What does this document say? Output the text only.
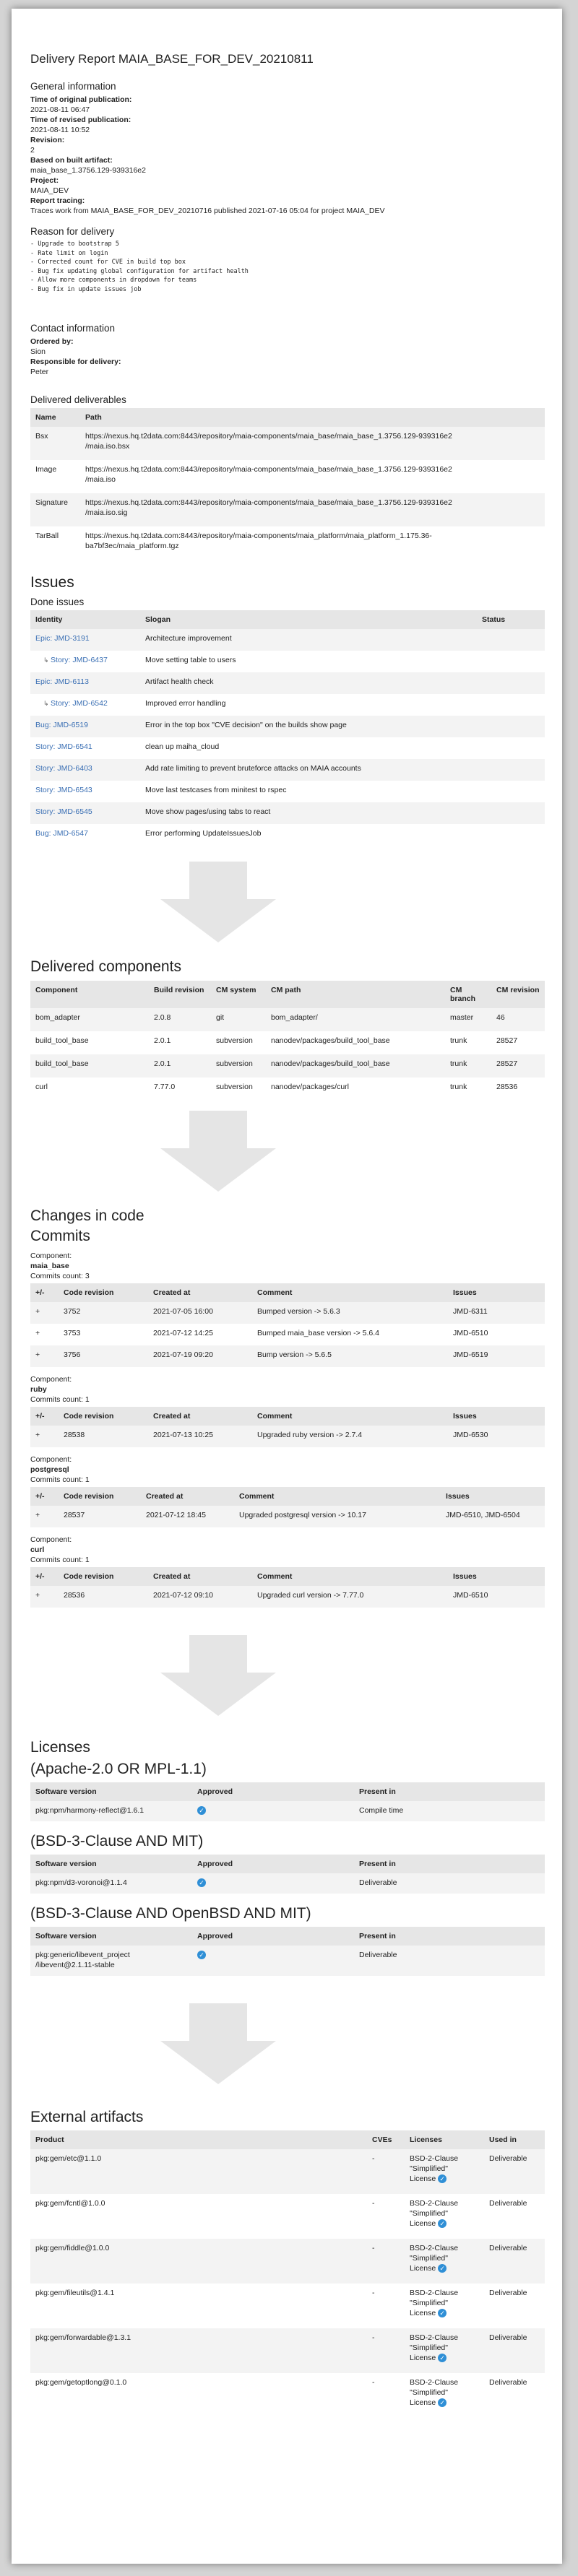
Delivery Report MAIA_BASE_FOR_DEV_20210811
General information
Time of original publication:
2021-08-11 06:47
Time of revised publication:
2021-08-11 10:52
Revision:
2
Based on built artifact:
maia_base_1.3756.129-939316e2
Project:
MAIA_DEV
Report tracing:
Traces work from MAIA_BASE_FOR_DEV_20210716 published 2021-07-16 05:04 for project MAIA_DEV
Reason for delivery
- Upgrade to bootstrap 5
- Rate limit on login
- Corrected count for CVE in build top box
- Bug fix updating global configuration for artifact health
- Allow more components in dropdown for teams
- Bug fix in update issues job
Contact information
Ordered by:
Sion
Responsible for delivery:
Peter
Delivered deliverables
Name	Path
Bsx	https://nexus.hq.t2data.com:8443/repository/maia-components/maia_base/maia_base_1.3756.129-939316e2
/maia.iso.bsx
Image	https://nexus.hq.t2data.com:8443/repository/maia-components/maia_base/maia_base_1.3756.129-939316e2
/maia.iso
Signature	https://nexus.hq.t2data.com:8443/repository/maia-components/maia_base/maia_base_1.3756.129-939316e2
/maia.iso.sig
TarBall	https://nexus.hq.t2data.com:8443/repository/maia-components/maia_platform/maia_platform_1.175.36-
ba7bf3ec/maia_platform.tgz
Issues
Done issues
Identity	Slogan	Status
Epic: JMD-3191	Architecture improvement	
↳ Story: JMD-6437	Move setting table to users	
Epic: JMD-6113	Artifact health check	
↳ Story: JMD-6542	Improved error handling	
Bug: JMD-6519	Error in the top box "CVE decision" on the builds show page	
Story: JMD-6541	clean up maiha_cloud	
Story: JMD-6403	Add rate limiting to prevent bruteforce attacks on MAIA accounts	
Story: JMD-6543	Move last testcases from minitest to rspec	
Story: JMD-6545	Move show pages/using tabs to react	
Bug: JMD-6547	Error performing UpdateIssuesJob	
Delivered components
Component	Build revision	CM system	CM path	CM branch	CM revision
bom_adapter	2.0.8	git	bom_adapter/	master	46
build_tool_base	2.0.1	subversion	nanodev/packages/build_tool_base	trunk	28527
build_tool_base	2.0.1	subversion	nanodev/packages/build_tool_base	trunk	28527
curl	7.77.0	subversion	nanodev/packages/curl	trunk	28536
Changes in code
Commits
Component:
maia_base
Commits count: 3
+/-	Code revision	Created at	Comment	Issues
+	3752	2021-07-05 16:00	Bumped version -> 5.6.3	JMD-6311
+	3753	2021-07-12 14:25	Bumped maia_base version -> 5.6.4	JMD-6510
+	3756	2021-07-19 09:20	Bump version -> 5.6.5	JMD-6519
Component:
ruby
Commits count: 1
+/-	Code revision	Created at	Comment	Issues
+	28538	2021-07-13 10:25	Upgraded ruby version -> 2.7.4	JMD-6530
Component:
postgresql
Commits count: 1
+/-	Code revision	Created at	Comment	Issues
+	28537	2021-07-12 18:45	Upgraded postgresql version -> 10.17	JMD-6510, JMD-6504
Component:
curl
Commits count: 1
+/-	Code revision	Created at	Comment	Issues
+	28536	2021-07-12 09:10	Upgraded curl version -> 7.77.0	JMD-6510
Licenses
(Apache-2.0 OR MPL-1.1)
Software version	Approved	Present in
pkg:npm/harmony-reflect@1.6.1	✓	Compile time
(BSD-3-Clause AND MIT)
Software version	Approved	Present in
pkg:npm/d3-voronoi@1.1.4	✓	Deliverable
(BSD-3-Clause AND OpenBSD AND MIT)
Software version	Approved	Present in
pkg:generic/libevent_project
/libevent@2.1.11-stable	✓	Deliverable
External artifacts
Product	CVEs	Licenses	Used in
pkg:gem/etc@1.1.0	-	BSD-2-Clause
"Simplified"
License ✓	Deliverable
pkg:gem/fcntl@1.0.0	-	BSD-2-Clause
"Simplified"
License ✓	Deliverable
pkg:gem/fiddle@1.0.0	-	BSD-2-Clause
"Simplified"
License ✓	Deliverable
pkg:gem/fileutils@1.4.1	-	BSD-2-Clause
"Simplified"
License ✓	Deliverable
pkg:gem/forwardable@1.3.1	-	BSD-2-Clause
"Simplified"
License ✓	Deliverable
pkg:gem/getoptlong@0.1.0	-	BSD-2-Clause
"Simplified"
License ✓	Deliverable
